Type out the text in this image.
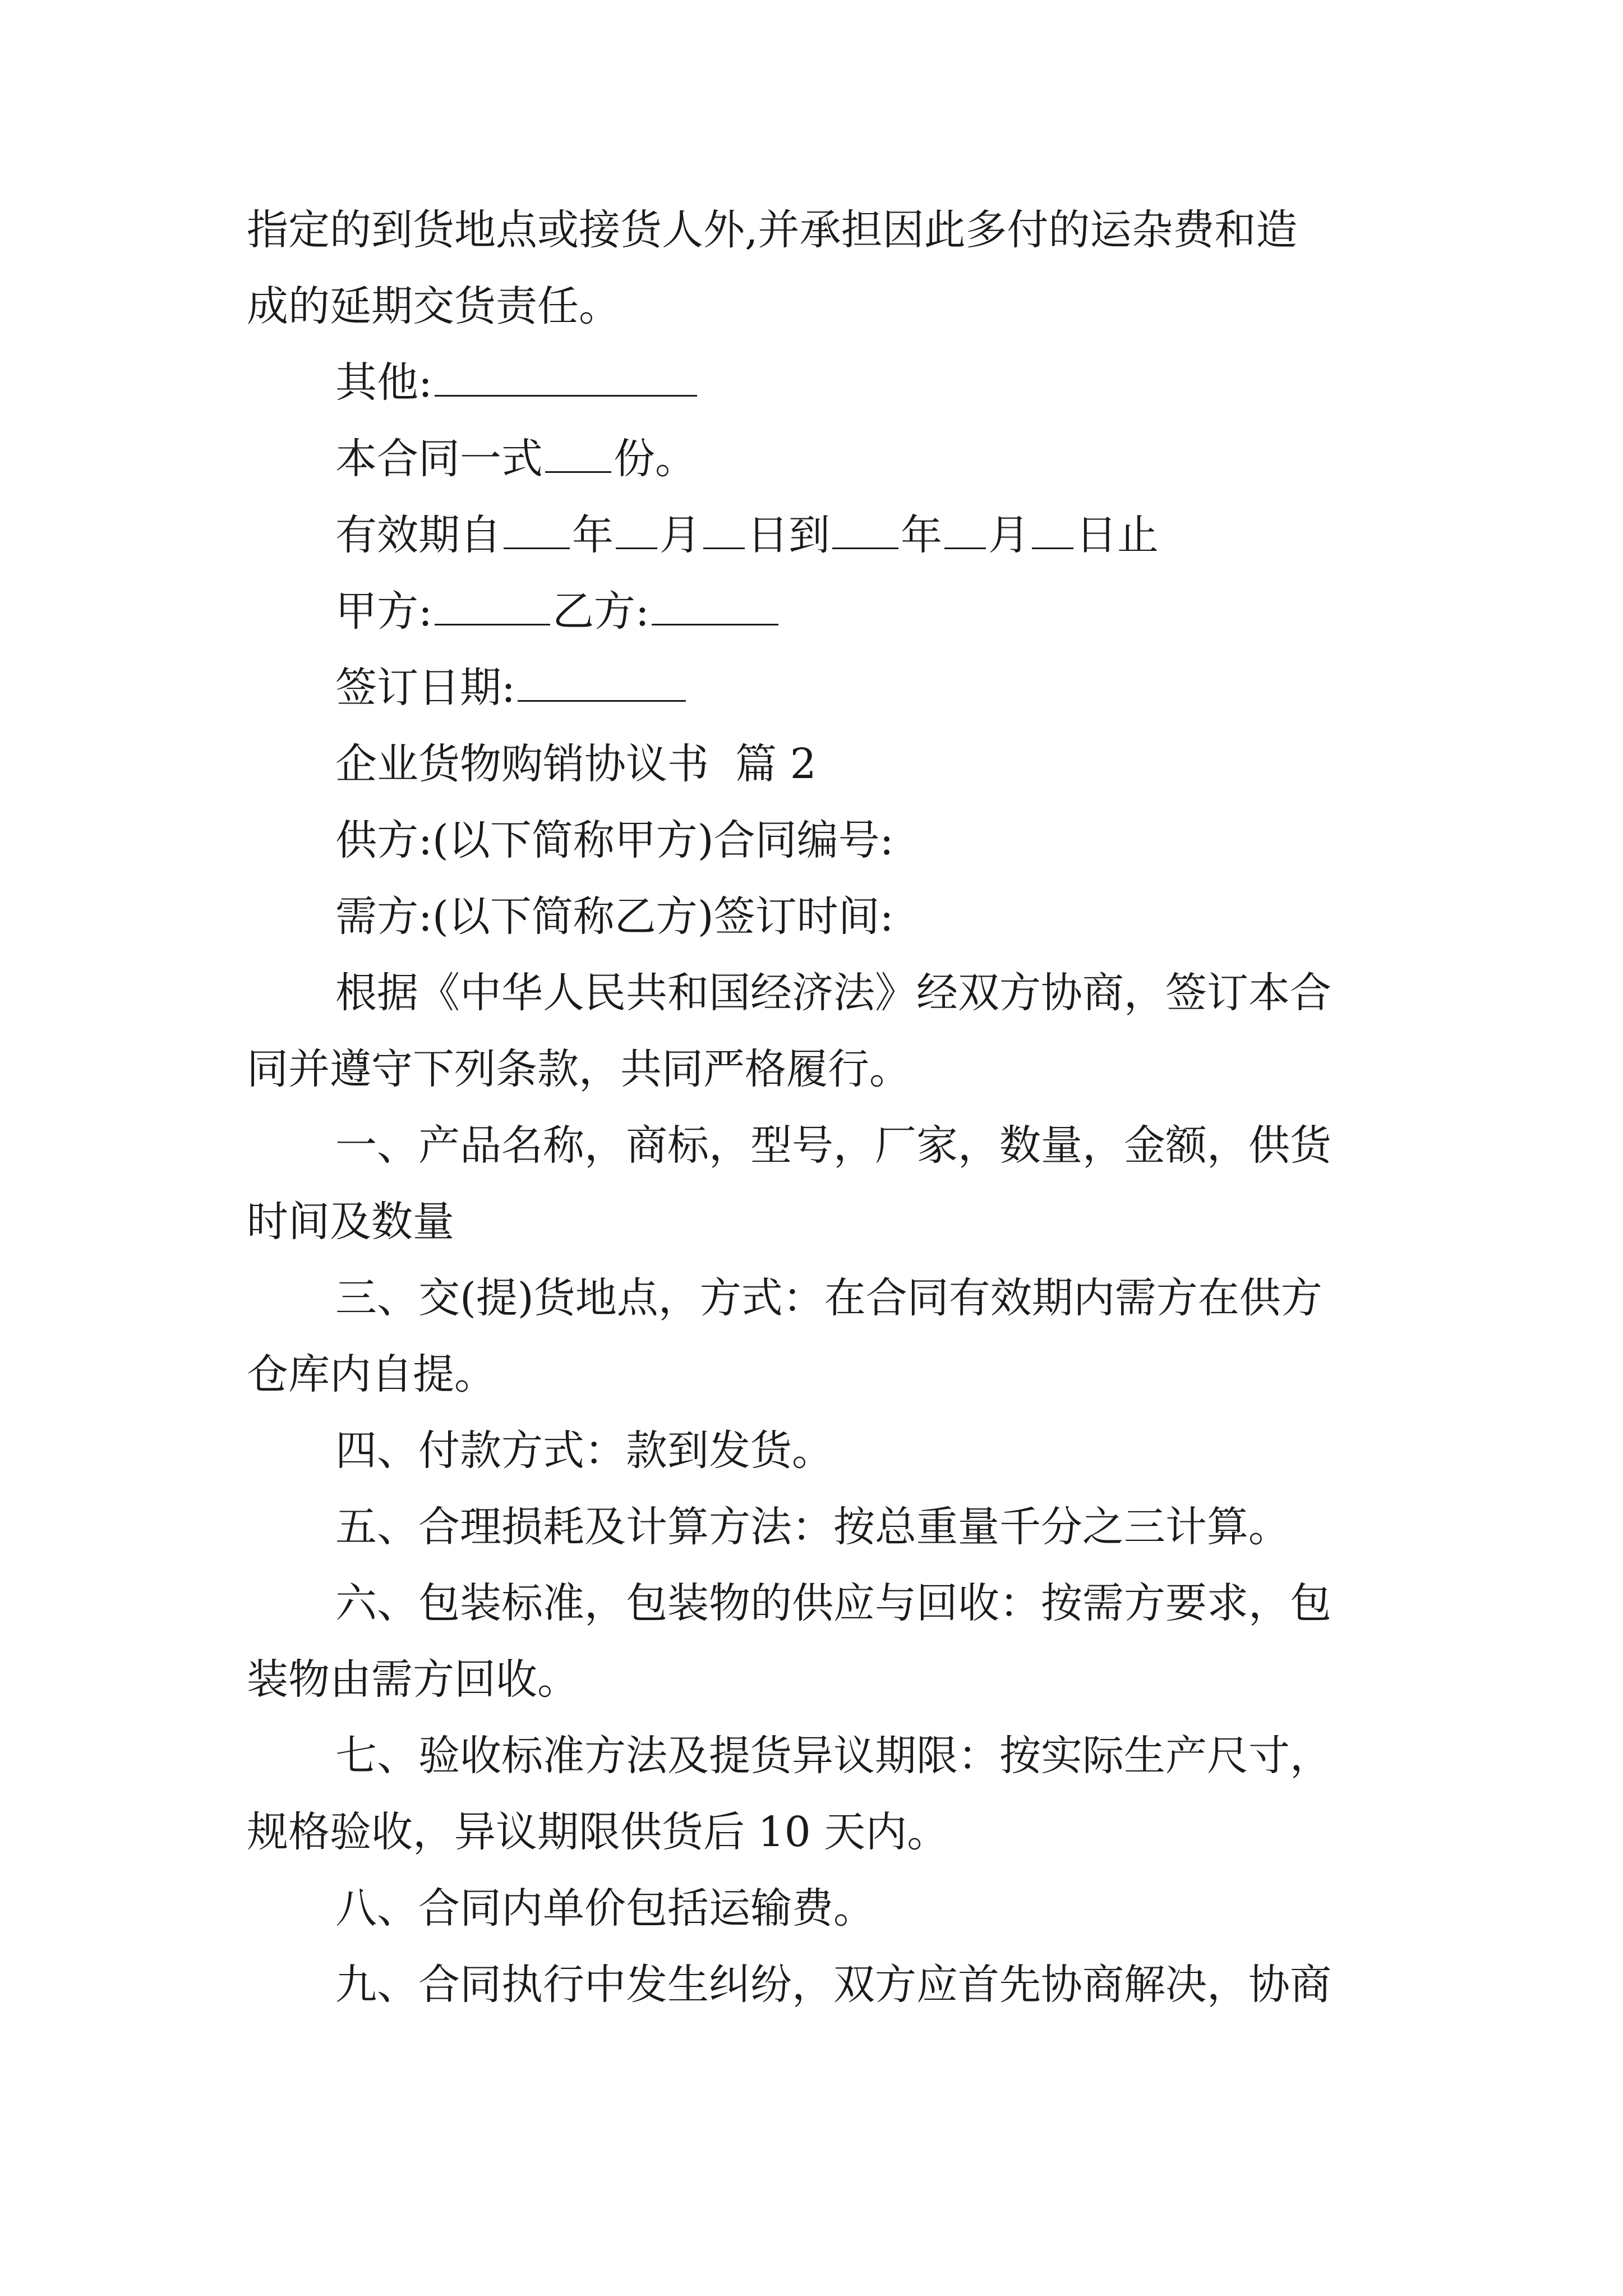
指定的到货地点或接货人外,并承担因此多付的运杂费和造

成的延期交货责任。

其他:

本合同一式 份。

有效期自 年 月 日到 年 月 日止

甲方:	乙方:

签订日期:

企业货物购销协议书  篇 2

供方:(以下简称甲方)合同编号:

需方:(以下简称乙方)签订时间:

根据《中华人民共和国经济法》经双方协商，签订本合

同并遵守下列条款，共同严格履行。

一、产品名称，商标，型号，厂家，数量，金额，供货

时间及数量

三、交(提)货地点，方式：在合同有效期内需方在供方

仓库内自提。

四、付款方式：款到发货。

五、合理损耗及计算方法：按总重量千分之三计算。

六、包装标准，包装物的供应与回收：按需方要求，包

装物由需方回收。

七、验收标准方法及提货异议期限：按实际生产尺寸，

规格验收，异议期限供货后 10 天内。

八、合同内单价包括运输费。

九、合同执行中发生纠纷，双方应首先协商解决，协商
